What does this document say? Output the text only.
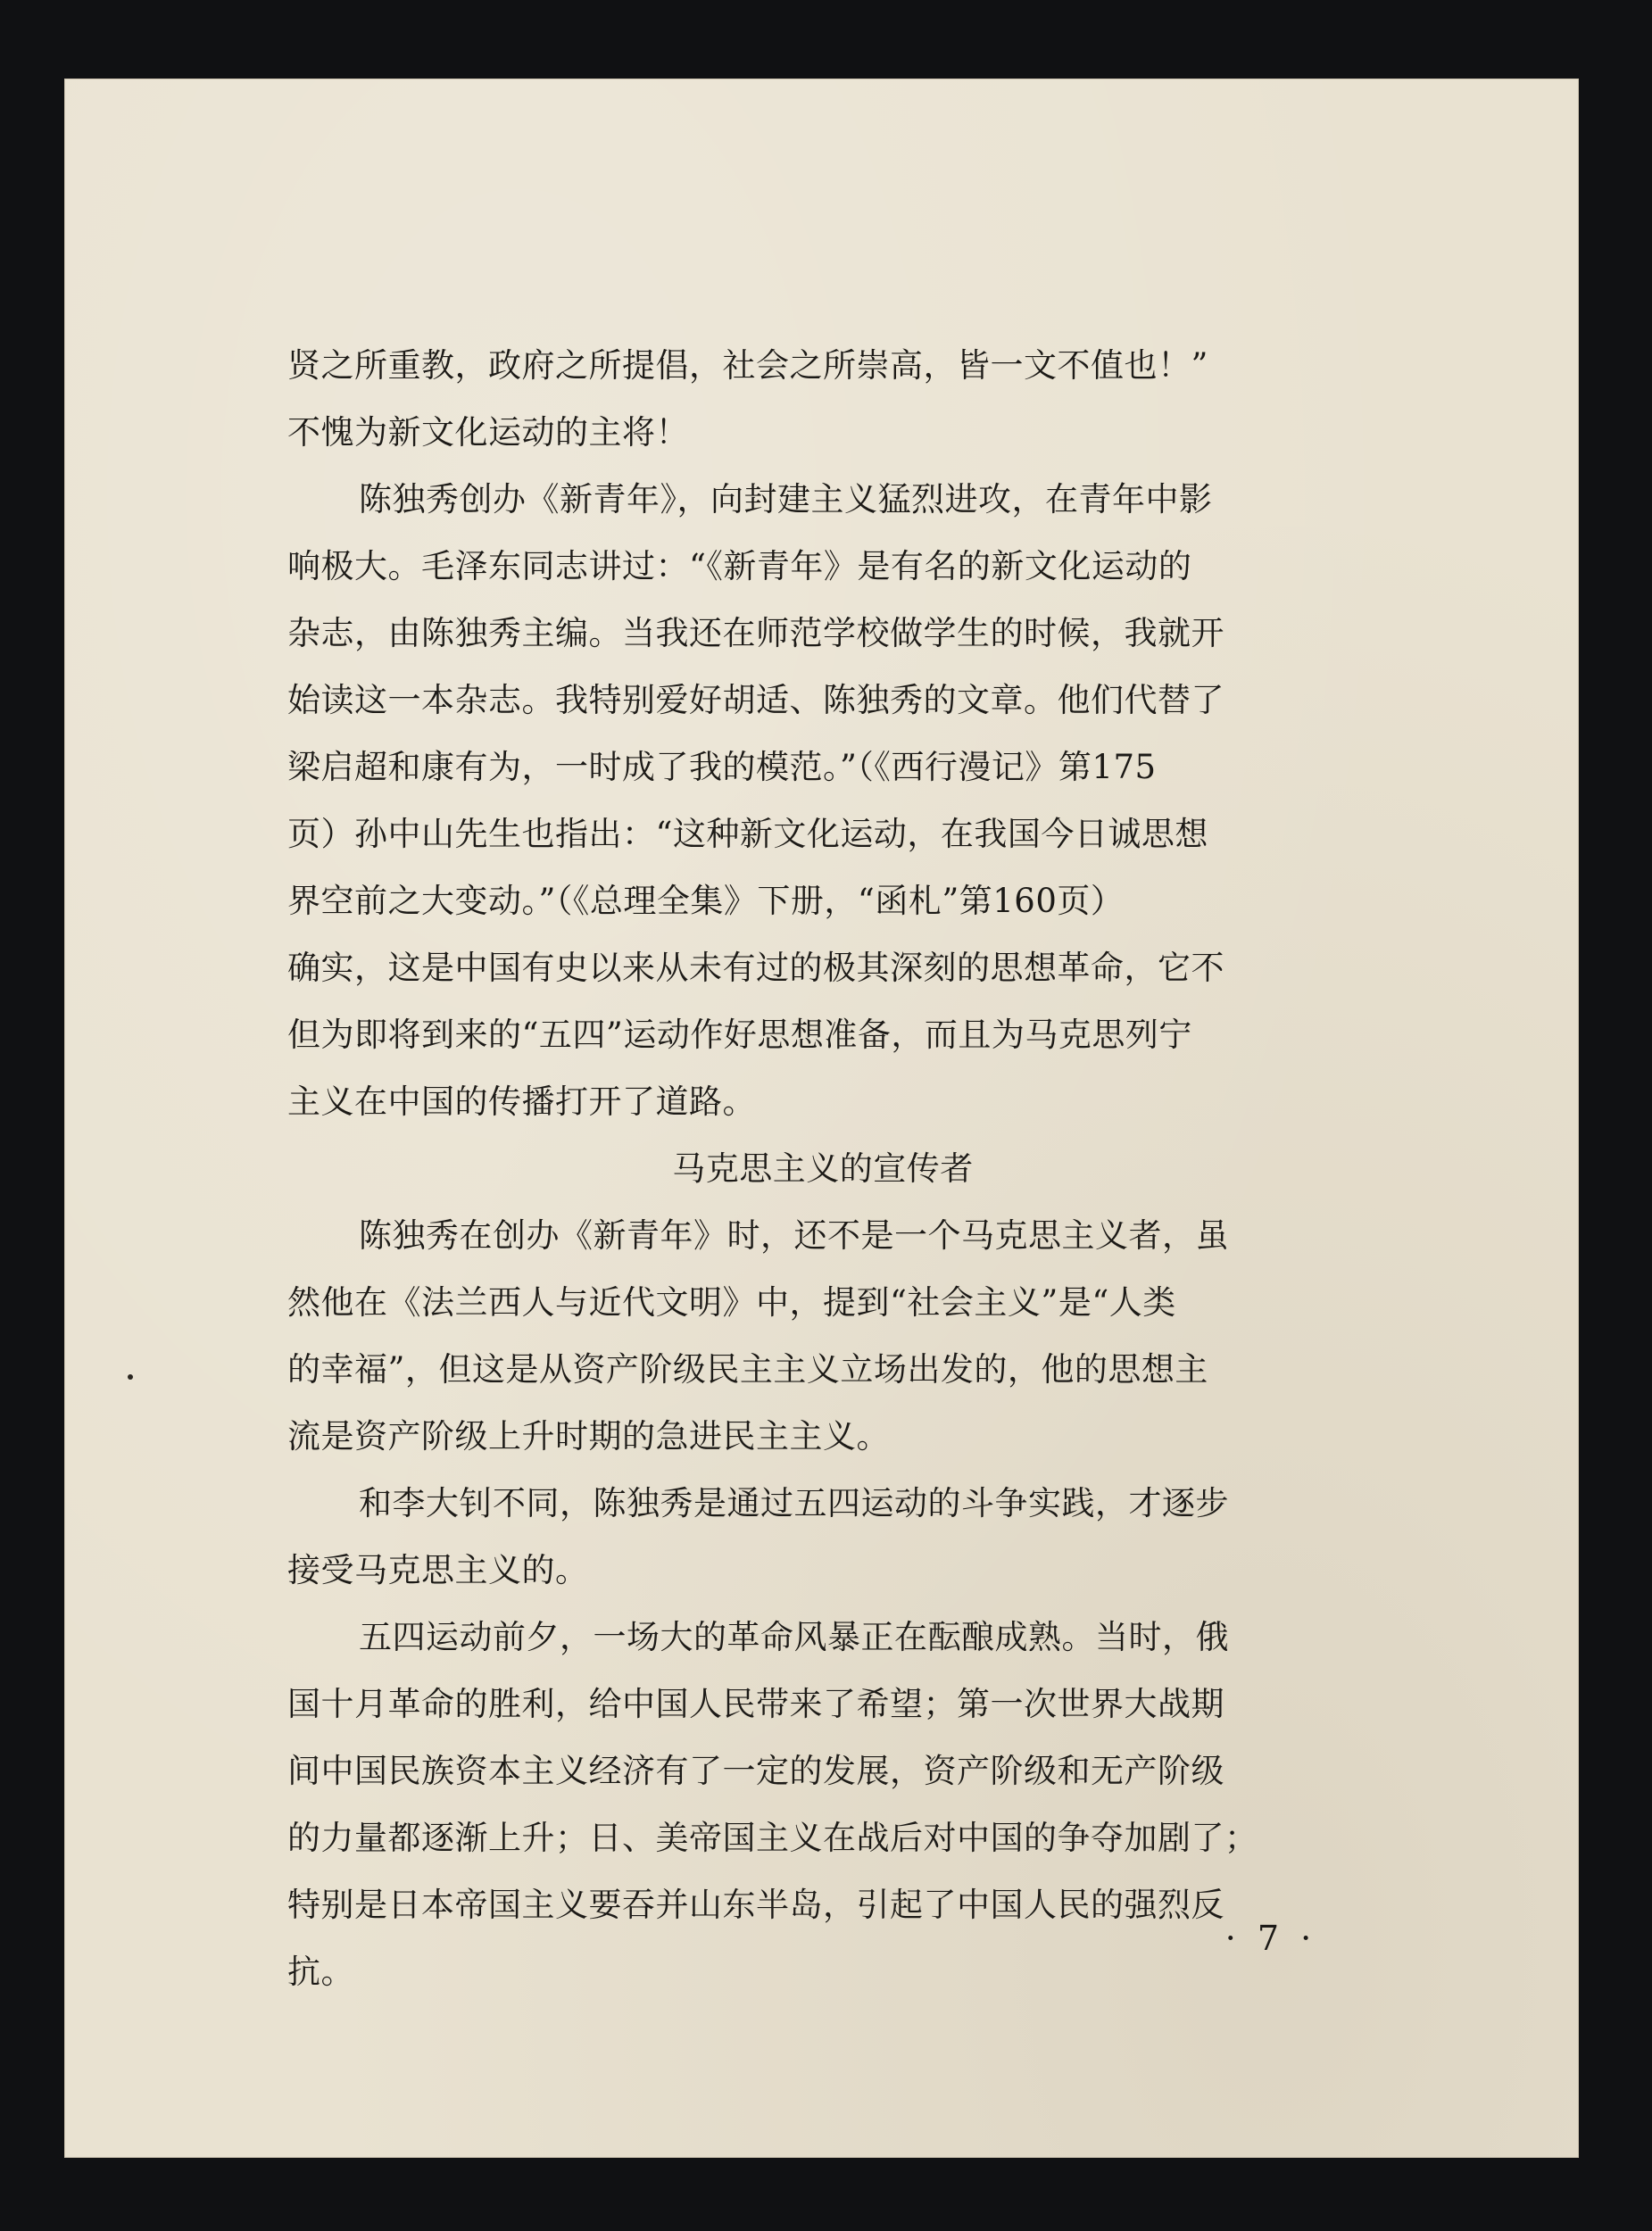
贤之所重教，政府之所提倡，社会之所崇高，皆一文不值也！”
不愧为新文化运动的主将！
陈独秀创办《新青年》，向封建主义猛烈进攻，在青年中影
响极大。毛泽东同志讲过：“《新青年》是有名的新文化运动的
杂志，由陈独秀主编。当我还在师范学校做学生的时候，我就开
始读这一本杂志。我特别爱好胡适、陈独秀的文章。他们代替了
梁启超和康有为，一时成了我的模范。”（《西行漫记》第175
页）孙中山先生也指出：“这种新文化运动，在我国今日诚思想
界空前之大变动。”（《总理全集》下册，“函札”第160页）
确实，这是中国有史以来从未有过的极其深刻的思想革命，它不
但为即将到来的“五四”运动作好思想准备，而且为马克思列宁
主义在中国的传播打开了道路。
马克思主义的宣传者
陈独秀在创办《新青年》时，还不是一个马克思主义者，虽
然他在《法兰西人与近代文明》中，提到“社会主义”是“人类
的幸福”，但这是从资产阶级民主主义立场出发的，他的思想主
流是资产阶级上升时期的急进民主主义。
和李大钊不同，陈独秀是通过五四运动的斗争实践，才逐步
接受马克思主义的。
五四运动前夕，一场大的革命风暴正在酝酿成熟。当时，俄
国十月革命的胜利，给中国人民带来了希望；第一次世界大战期
间中国民族资本主义经济有了一定的发展，资产阶级和无产阶级
的力量都逐渐上升；日、美帝国主义在战后对中国的争夺加剧了；
特别是日本帝国主义要吞并山东半岛，引起了中国人民的强烈反
抗。
· 7 ·
